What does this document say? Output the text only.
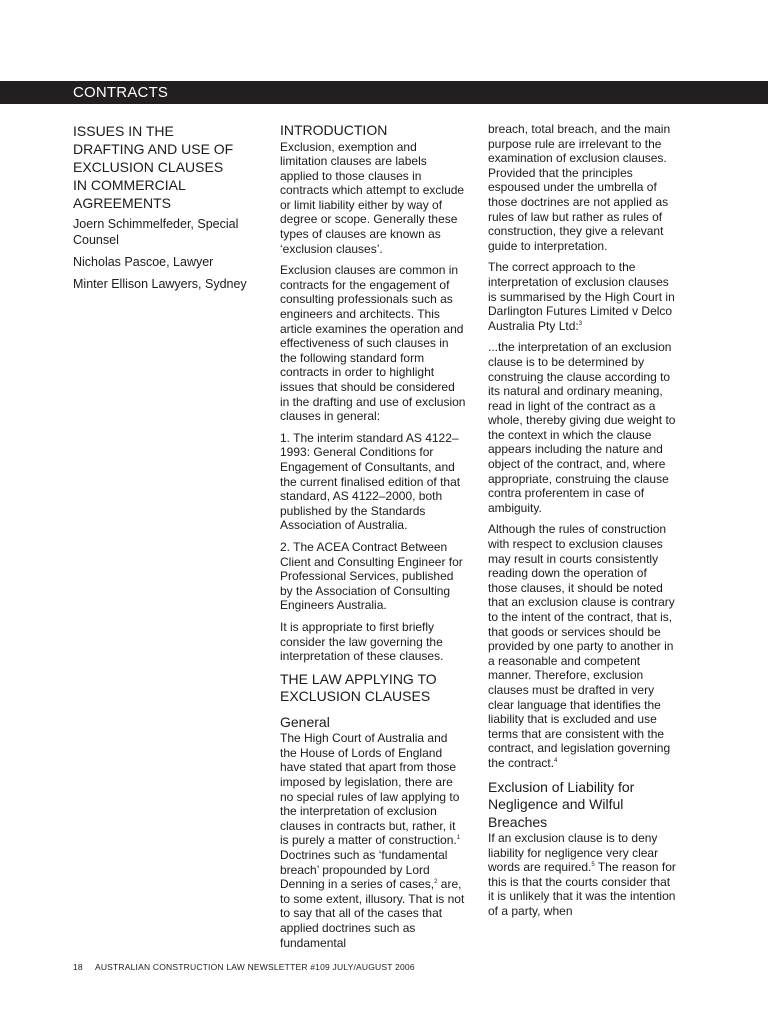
CONTRACTS
ISSUES IN THE
DRAFTING AND USE OF
EXCLUSION CLAUSES
IN COMMERCIAL
AGREEMENTS

Joern Schimmelfeder, Special Counsel

Nicholas Pascoe, Lawyer

Minter Ellison Lawyers, Sydney

INTRODUCTION

Exclusion, exemption and limitation clauses are labels applied to those clauses in contracts which attempt to exclude or limit liability either by way of degree or scope. Generally these types of clauses are known as ‘exclusion clauses’.

Exclusion clauses are common in contracts for the engagement of consulting professionals such as engineers and architects. This article examines the operation and effectiveness of such clauses in the following standard form contracts in order to highlight issues that should be considered in the drafting and use of exclusion clauses in general:

1. The interim standard AS 4122–1993: General Conditions for Engagement of Consultants, and the current finalised edition of that standard, AS 4122–2000, both published by the Standards Association of Australia.

2. The ACEA Contract Between Client and Consulting Engineer for Professional Services, published by the Association of Consulting Engineers Australia.

It is appropriate to first briefly consider the law governing the interpretation of these clauses.

THE LAW APPLYING TO EXCLUSION CLAUSES
General

The High Court of Australia and the House of Lords of England have stated that apart from those imposed by legislation, there are no special rules of law applying to the interpretation of exclusion clauses in contracts but, rather, it is purely a matter of construction.$^1$ Doctrines such as ‘fundamental breach’ propounded by Lord Denning in a series of cases,$^2$ are, to some extent, illusory. That is not to say that all of the cases that applied doctrines such as fundamental

breach, total breach, and the main purpose rule are irrelevant to the examination of exclusion clauses. Provided that the principles espoused under the umbrella of those doctrines are not applied as rules of law but rather as rules of construction, they give a relevant guide to interpretation.

The correct approach to the interpretation of exclusion clauses is summarised by the High Court in Darlington Futures Limited v Delco Australia Pty Ltd:$^3$

...the interpretation of an exclusion clause is to be determined by construing the clause according to its natural and ordinary meaning, read in light of the contract as a whole, thereby giving due weight to the context in which the clause appears including the nature and object of the contract, and, where appropriate, construing the clause contra proferentem in case of ambiguity.

Although the rules of construction with respect to exclusion clauses may result in courts consistently reading down the operation of those clauses, it should be noted that an exclusion clause is contrary to the intent of the contract, that is, that goods or services should be provided by one party to another in a reasonable and competent manner. Therefore, exclusion clauses must be drafted in very clear language that identifies the liability that is excluded and use terms that are consistent with the contract, and legislation governing the contract.$^4$

Exclusion of Liability for Negligence and Wilful Breaches

If an exclusion clause is to deny liability for negligence very clear words are required.$^5$ The reason for this is that the courts consider that it is unlikely that it was the intention of a party, when

18 AUSTRALIAN CONSTRUCTION LAW NEWSLETTER #109 JULY/AUGUST 2006
